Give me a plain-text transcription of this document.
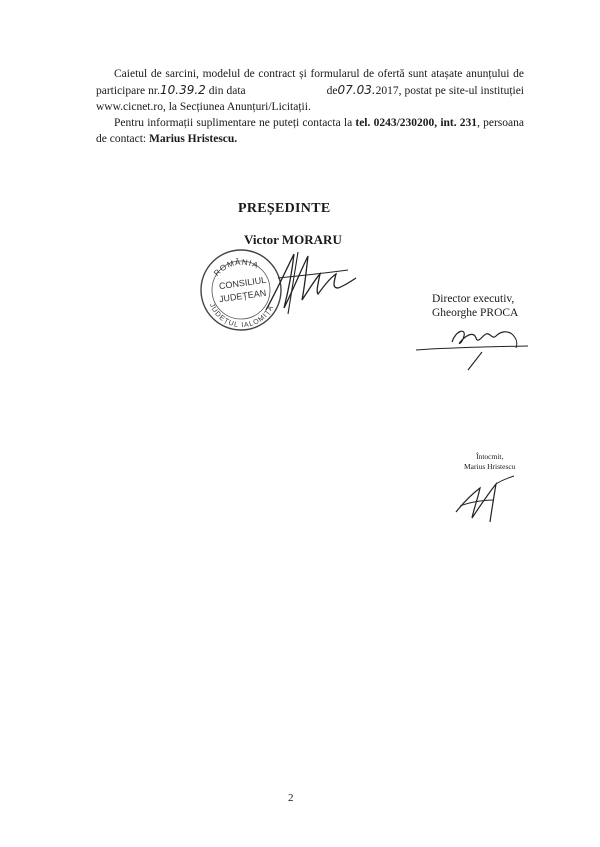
Caietul de sarcini, modelul de contract și formularul de ofertă sunt atașate anunțului de participare nr.10.39.2 din data	de07.03.2017, postat pe site-ul instituției www.cicnet.ro, la Secțiunea Anunțuri/Licitații.

Pentru informații suplimentare ne puteți contacta la tel. 0243/230200, int. 231, persoana de contact: Marius Hristescu.

PREȘEDINTE
Victor MORARU
ROMÂNIA
JUDEȚUL IALOMIȚA
CONSILIUL
JUDEȚEAN	Director executiv,
Gheorghe PROCA
Întocmit,
Marius Hristescu
2
